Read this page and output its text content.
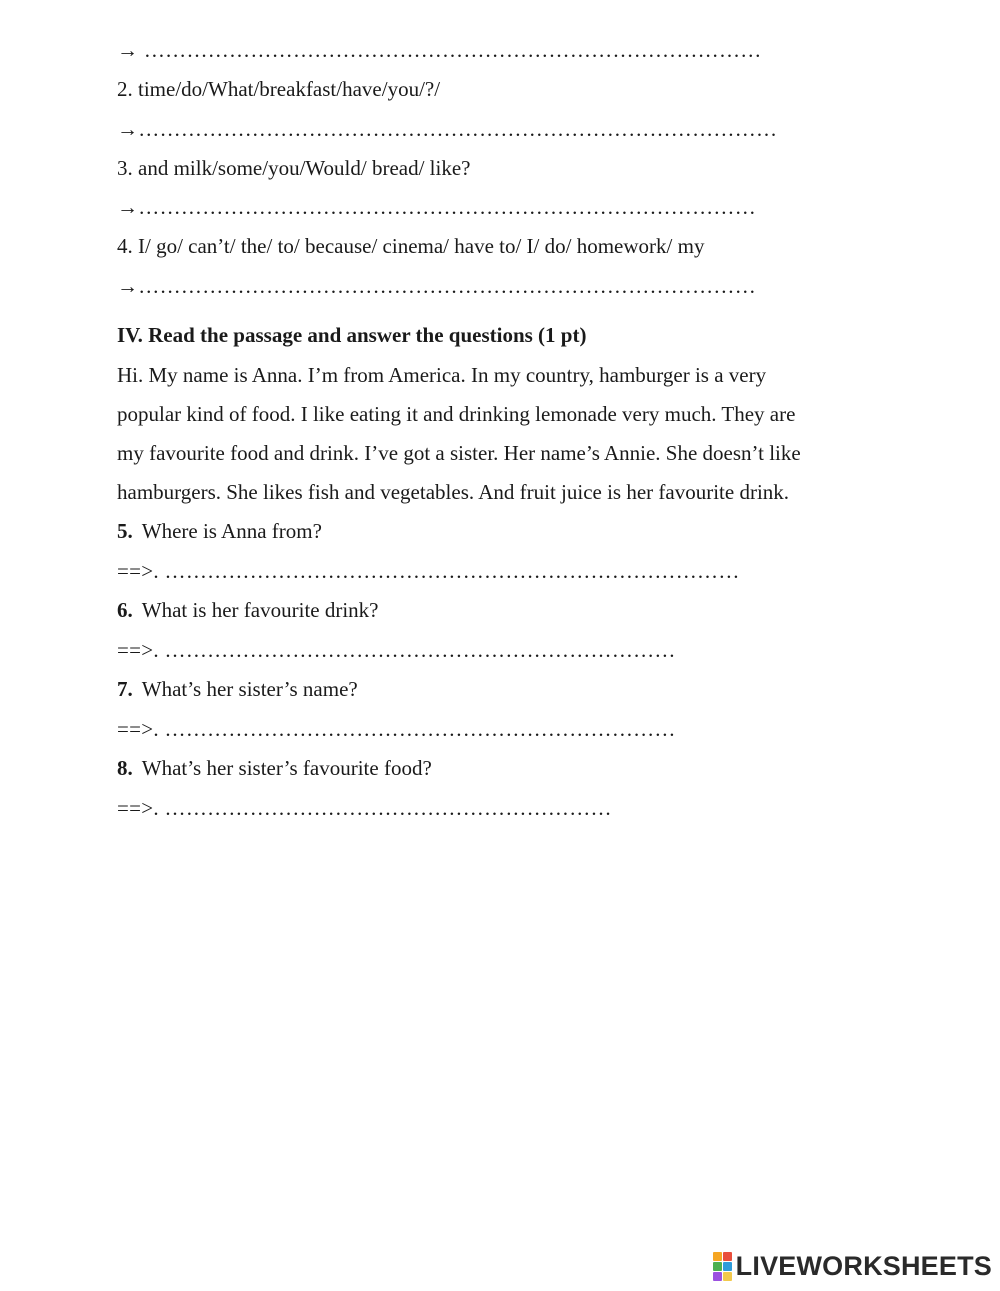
→ ……………………………………………………………………………
2. time/do/What/breakfast/have/you/?/
→………………………………………………………………………………
3. and milk/some/you/Would/ bread/ like?
→……………………………………………………………………………
4. I/ go/ can’t/ the/ to/ because/ cinema/ have to/ I/ do/ homework/ my
→……………………………………………………………………………
IV. Read the passage and answer the questions (1 pt)
Hi. My name is Anna. I’m from America. In my country, hamburger is a very
popular kind of food. I like eating it and drinking lemonade very much. They are
my favourite food and drink. I’ve got a sister. Her name’s Annie. She doesn’t like
hamburgers. She likes fish and vegetables. And fruit juice is her favourite drink.
5. Where is Anna from?
==>. ………………………………………………………………………
6. What is her favourite drink?
==>. ………………………………………………………………
7. What’s her sister’s name?
==>. ………………………………………………………………
8. What’s her sister’s favourite food?
==>. ………………………………………………………
LIVEWORKSHEETS
